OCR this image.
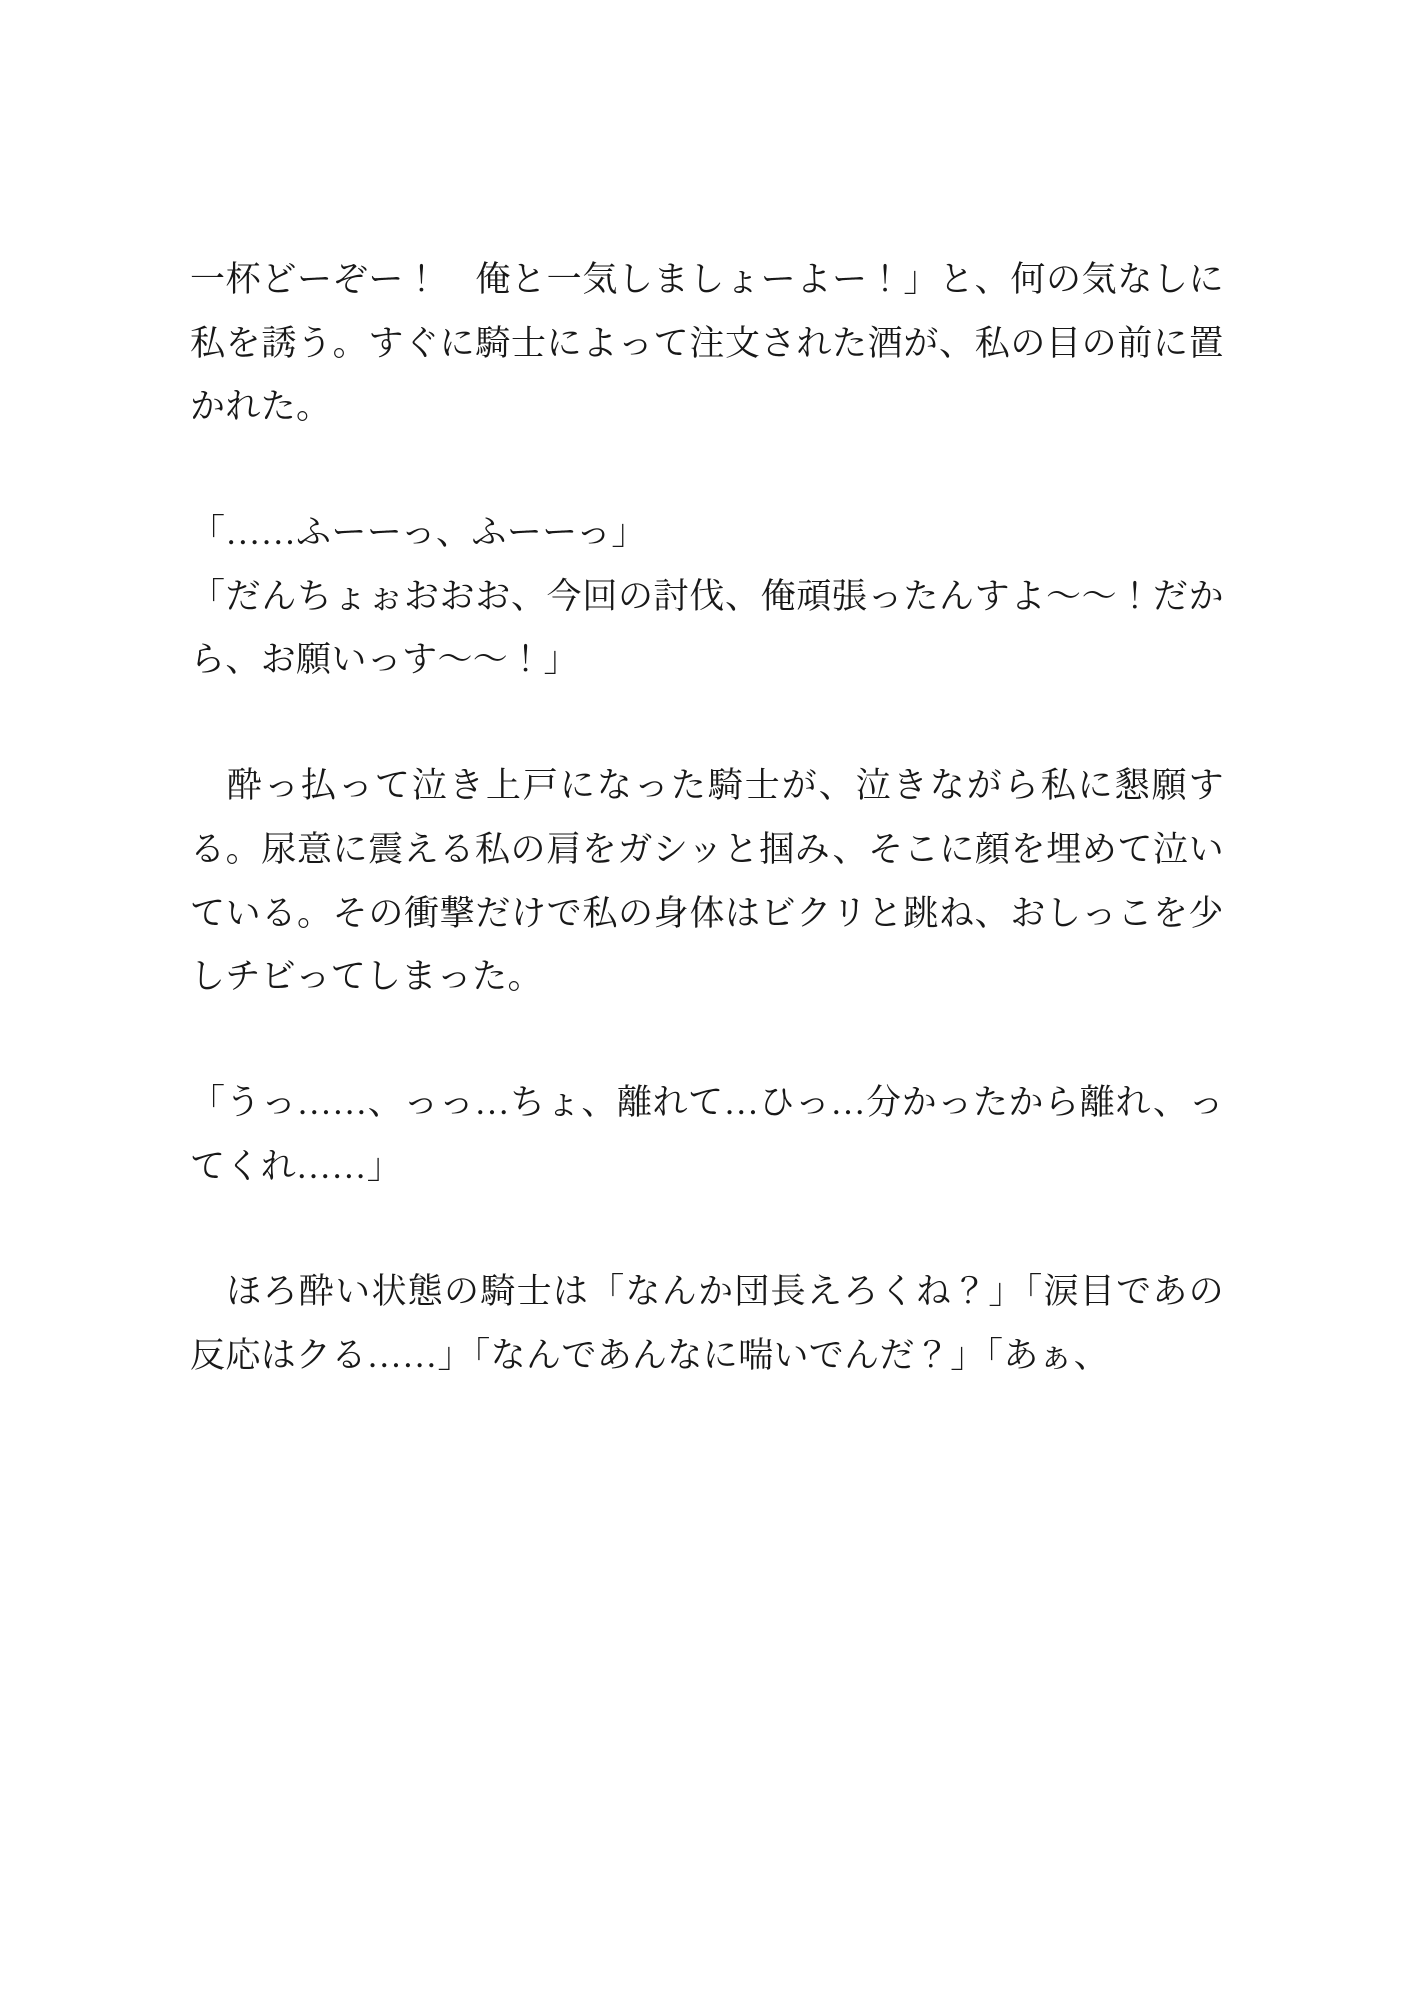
一杯どーぞー！　俺と一気しましょーよー！」と、何の気なしに私を誘う。すぐに騎士によって注文された酒が、私の目の前に置かれた。

「……ふーーっ、ふーーっ」

「だんちょぉおおお、今回の討伐、俺頑張ったんすよ〜〜！だから、お願いっす〜〜！」

　酔っ払って泣き上戸になった騎士が、泣きながら私に懇願する。尿意に震える私の肩をガシッと掴み、そこに顔を埋めて泣いている。その衝撃だけで私の身体はビクリと跳ね、おしっこを少しチビってしまった。

「うっ……、っっ…ちょ、離れて…ひっ…分かったから離れ、ってくれ……」

　ほろ酔い状態の騎士は「なんか団長えろくね？」「涙目であの反応はクる……」「なんであんなに喘いでんだ？」「あぁ、
